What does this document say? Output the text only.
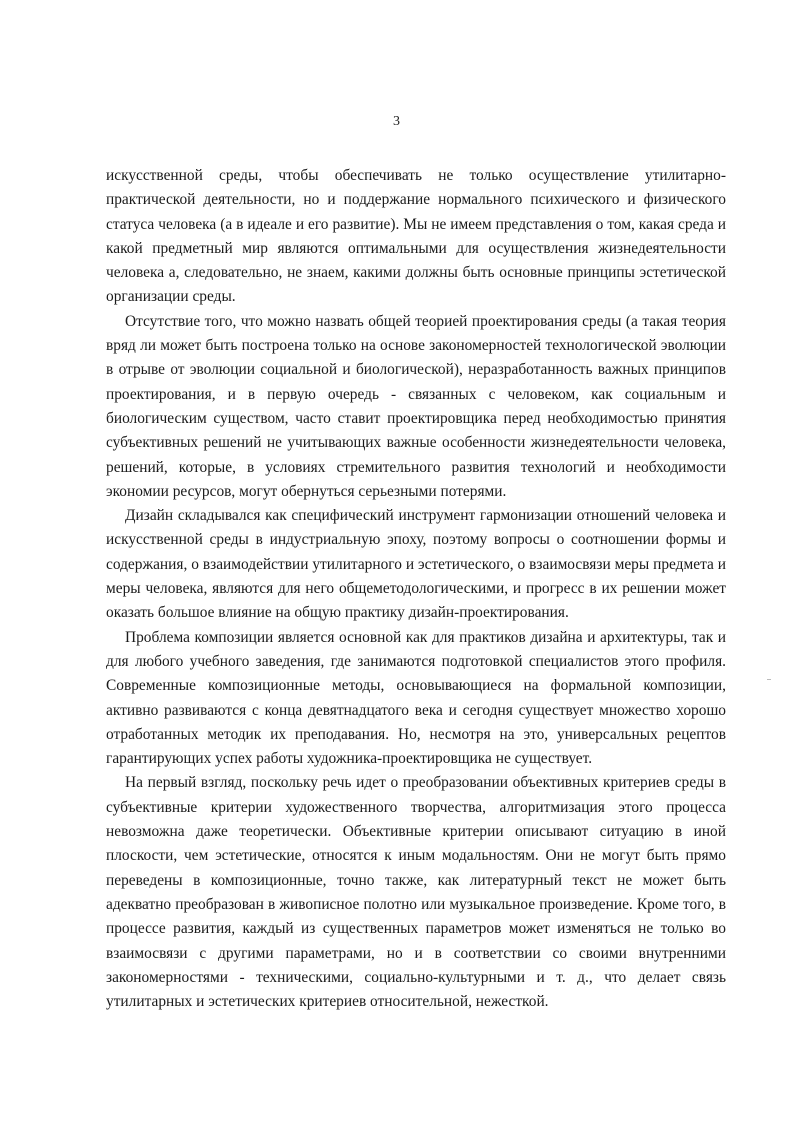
3

искусственной среды, чтобы обеспечивать не только осуществление утилитарно-практической деятельности, но и поддержание нормального психического и физического статуса человека (а в идеале и его развитие). Мы не имеем представления о том, какая среда и какой предметный мир являются оптимальными для осуществления жизнедеятельности человека а, следовательно, не знаем, какими должны быть основные принципы эстетической организации среды.

Отсутствие того, что можно назвать общей теорией проектирования среды (а такая теория вряд ли может быть построена только на основе закономерностей технологической эволюции в отрыве от эволюции социальной и биологической), неразработанность важных принципов проектирования, и в первую очередь - связанных с человеком, как социальным и биологическим существом, часто ставит проектировщика перед необходимостью принятия субъективных решений не учитывающих важные особенности жизнедеятельности человека, решений, которые, в условиях стремительного развития технологий и необходимости экономии ресурсов, могут обернуться серьезными потерями.

Дизайн складывался как специфический инструмент гармонизации отношений человека и искусственной среды в индустриальную эпоху, поэтому вопросы о соотношении формы и содержания, о взаимодействии утилитарного и эстетического, о взаимосвязи меры предмета и меры человека, являются для него общеметодологическими, и прогресс в их решении может оказать большое влияние на общую практику дизайн-проектирования.

Проблема композиции является основной как для практиков дизайна и архитектуры, так и для любого учебного заведения, где занимаются подготовкой специалистов этого профиля. Современные композиционные методы, основывающиеся на формальной композиции, активно развиваются с конца девятнадцатого века и сегодня существует множество хорошо отработанных методик их преподавания. Но, несмотря на это, универсальных рецептов гарантирующих успех работы художника-проектировщика не существует.

На первый взгляд, поскольку речь идет о преобразовании объективных критериев среды в субъективные критерии художественного творчества, алгоритмизация этого процесса невозможна даже теоретически. Объективные критерии описывают ситуацию в иной плоскости, чем эстетические, относятся к иным модальностям. Они не могут быть прямо переведены в композиционные, точно также, как литературный текст не может быть адекватно преобразован в живописное полотно или музыкальное произведение. Кроме того, в процессе развития, каждый из существенных параметров может изменяться не только во взаимосвязи с другими параметрами, но и в соответствии со своими внутренними закономерностями - техническими, социально-культурными и т. д., что делает связь утилитарных и эстетических критериев относительной, нежесткой.
